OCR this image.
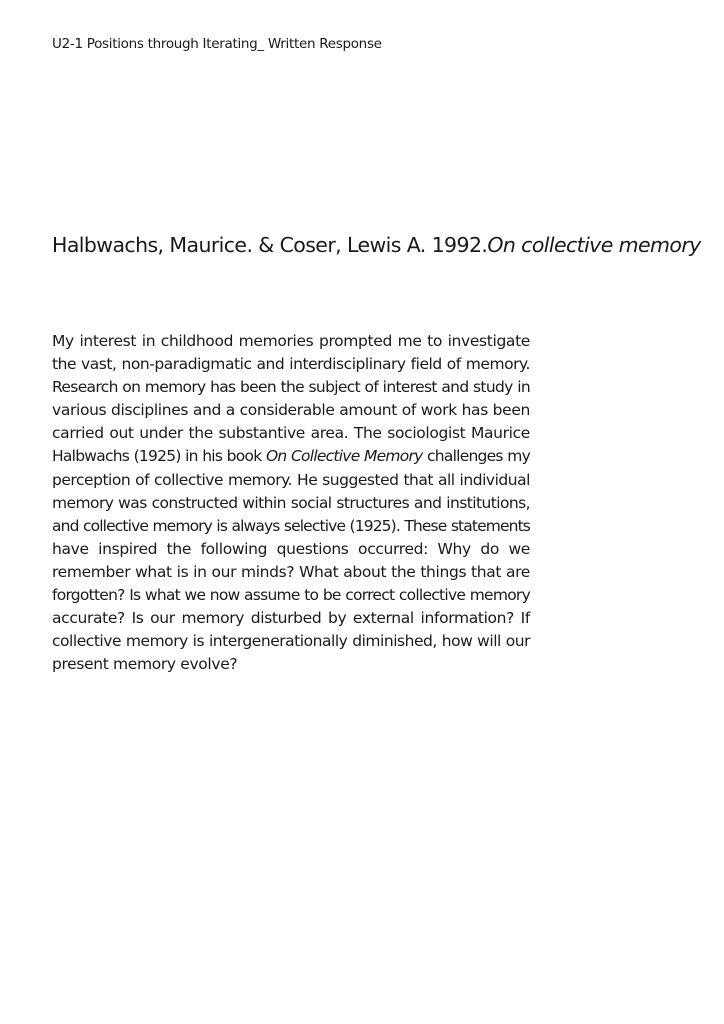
U2-1 Positions through Iterating_ Written Response
Halbwachs, Maurice. & Coser, Lewis A. 1992.On collective memory
My interest in childhood memories prompted me to investigate
the vast, non-paradigmatic and interdisciplinary field of memory.
Research on memory has been the subject of interest and study in
various disciplines and a considerable amount of work has been
carried out under the substantive area. The sociologist Maurice
Halbwachs (1925) in his book On Collective Memory challenges my
perception of collective memory. He suggested that all individual
memory was constructed within social structures and institutions,
and collective memory is always selective (1925). These statements
have inspired the following questions occurred: Why do we
remember what is in our minds? What about the things that are
forgotten? Is what we now assume to be correct collective memory
accurate? Is our memory disturbed by external information? If
collective memory is intergenerationally diminished, how will our
present memory evolve?
